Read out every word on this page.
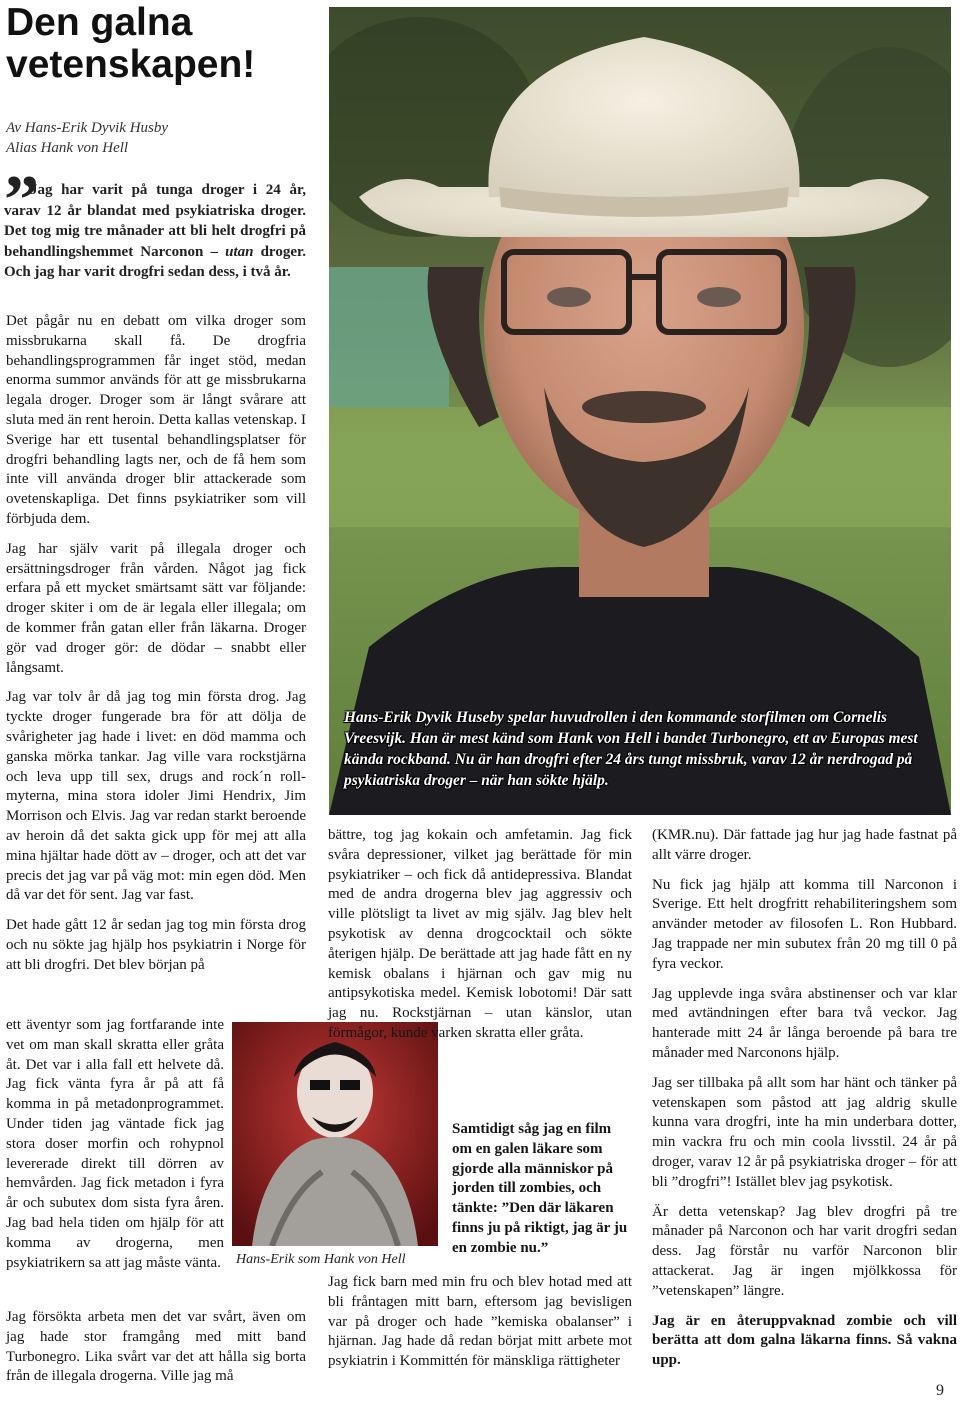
Den galna vetenskapen!
Av Hans-Erik Dyvik Husby
Alias Hank von Hell
”
Jag har varit på tunga droger i 24 år, varav 12 år blandat med psykiatriska droger. Det tog mig tre månader att bli helt drogfri på behandlingshemmet Narconon – utan droger. Och jag har varit drogfri sedan dess, i två år.

Det pågår nu en debatt om vilka droger som missbrukarna skall få. De drogfria behandlingsprogrammen får inget stöd, medan enorma summor används för att ge missbrukarna legala droger. Droger som är långt svårare att sluta med än rent heroin. Detta kallas vetenskap. I Sverige har ett tusental behandlingsplatser för drogfri behandling lagts ner, och de få hem som inte vill använda droger blir attackerade som ovetenskapliga. Det finns psykiatriker som vill förbjuda dem.

Jag har själv varit på illegala droger och ersättningsdroger från vården. Något jag fick erfara på ett mycket smärtsamt sätt var följande: droger skiter i om de är legala eller illegala; om de kommer från gatan eller från läkarna. Droger gör vad droger gör: de dödar – snabbt eller långsamt.

Jag var tolv år då jag tog min första drog. Jag tyckte droger fungerade bra för att dölja de svårigheter jag hade i livet: en död mamma och ganska mörka tankar. Jag ville vara rockstjärna och leva upp till sex, drugs and rock´n roll-myterna, mina stora idoler Jimi Hendrix, Jim Morrison och Elvis. Jag var redan starkt beroende av heroin då det sakta gick upp för mej att alla mina hjältar hade dött av – droger, och att det var precis det jag var på väg mot: min egen död. Men då var det för sent. Jag var fast.

Det hade gått 12 år sedan jag tog min första drog och nu sökte jag hjälp hos psykiatrin i Norge för att bli drogfri. Det blev början på

ett äventyr som jag fortfarande inte vet om man skall skratta eller gråta åt. Det var i alla fall ett helvete då. Jag fick vänta fyra år på att få komma in på metadonprogrammet. Under tiden jag väntade fick jag stora doser morfin och rohypnol levererade direkt till dörren av hemvården. Jag fick metadon i fyra år och subutex dom sista fyra åren. Jag bad hela tiden om hjälp för att komma av drogerna, men psykiatrikern sa att jag måste vänta.

Jag försökta arbeta men det var svårt, även om jag hade stor framgång med mitt band Turbonegro. Lika svårt var det att hålla sig borta från de illegala drogerna. Ville jag må

Hans-Erik Dyvik Huseby spelar huvudrollen i den kommande storfilmen om Cornelis Vreesvijk. Han är mest känd som Hank von Hell i bandet Turbonegro, ett av Europas mest kända rockband. Nu är han drogfri efter 24 års tungt missbruk, varav 12 år nerdrogad på psykiatriska droger – när han sökte hjälp.
Hans-Erik som Hank von Hell

bättre, tog jag kokain och amfetamin. Jag fick svåra depressioner, vilket jag berättade för min psykiatriker – och fick då antidepressiva. Blandat med de andra drogerna blev jag aggressiv och ville plötsligt ta livet av mig själv. Jag blev helt psykotisk av denna drogcocktail och sökte återigen hjälp. De berättade att jag hade fått en ny kemisk obalans i hjärnan och gav mig nu antipsykotiska medel. Kemisk lobotomi! Där satt jag nu. Rockstjärnan – utan känslor, utan förmågor, kunde varken skratta eller gråta.

Samtidigt såg jag en film om en galen läkare som gjorde alla människor på jorden till zombies, och tänkte: ”Den där läkaren finns ju på riktigt, jag är ju en zombie nu.”

Jag fick barn med min fru och blev hotad med att bli fråntagen mitt barn, eftersom jag bevisligen var på droger och hade ”kemiska obalanser” i hjärnan. Jag hade då redan börjat mitt arbete mot psykiatrin i Kommittén för mänskliga rättigheter

(KMR.nu). Där fattade jag hur jag hade fastnat på allt värre droger.

Nu fick jag hjälp att komma till Narconon i Sverige. Ett helt drogfritt rehabiliteringshem som använder metoder av filosofen L. Ron Hubbard. Jag trappade ner min subutex från 20 mg till 0 på fyra veckor.

Jag upplevde inga svåra abstinenser och var klar med avtändningen efter bara två veckor. Jag hanterade mitt 24 år långa beroende på bara tre månader med Narconons hjälp.

Jag ser tillbaka på allt som har hänt och tänker på vetenskapen som påstod att jag aldrig skulle kunna vara drogfri, inte ha min underbara dotter, min vackra fru och min coola livsstil. 24 år på droger, varav 12 år på psykiatriska droger – för att bli ”drogfri”! Istället blev jag psykotisk.

Är detta vetenskap? Jag blev drogfri på tre månader på Narconon och har varit drogfri sedan dess. Jag förstår nu varför Narconon blir attackerat. Jag är ingen mjölkkossa för ”vetenskapen” längre.

Jag är en återuppvaknad zombie och vill berätta att dom galna läkarna finns. Så vakna upp.

9
